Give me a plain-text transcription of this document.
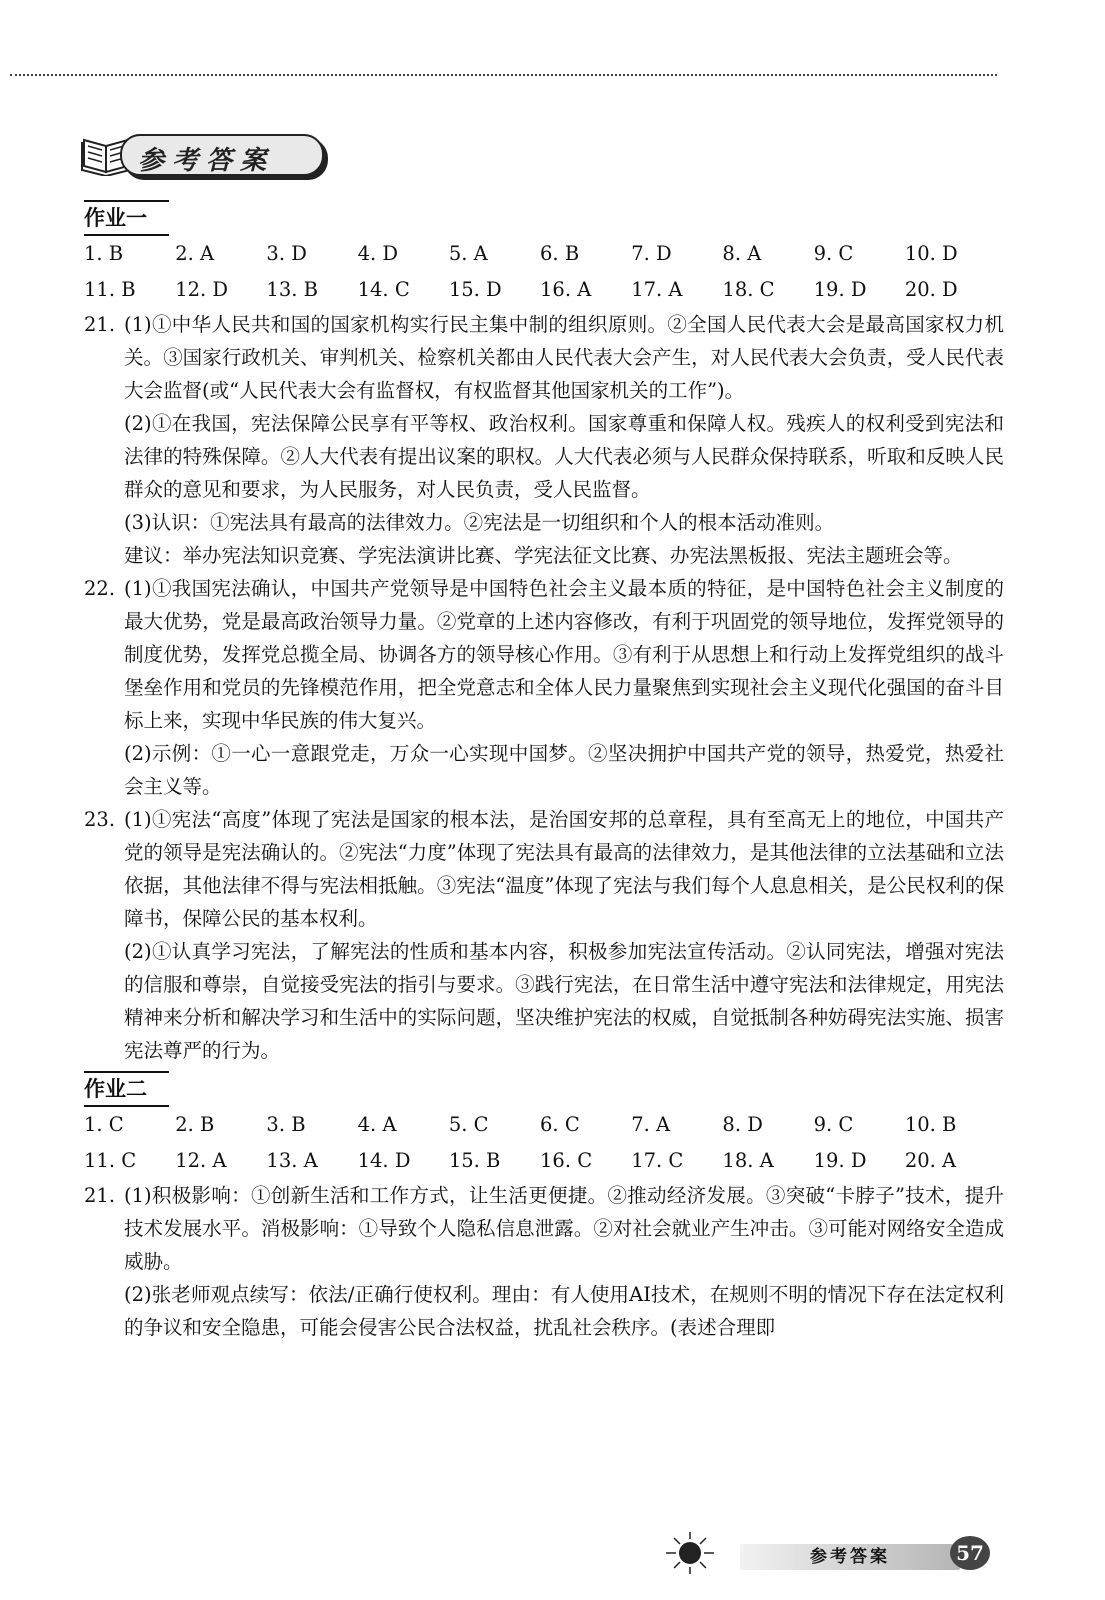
参考答案
作业一
1. B	2. A	3. D	4. D	5. A	6. B	7. D	8. A	9. C	10. D
11. B	12. D	13. B	14. C	15. D	16. A	17. A	18. C	19. D	20. D
21. (1)①中华人民共和国的国家机构实行民主集中制的组织原则。②全国人民代表大会是最高国家权力机关。③国家行政机关、审判机关、检察机关都由人民代表大会产生，对人民代表大会负责，受人民代表大会监督(或“人民代表大会有监督权，有权监督其他国家机关的工作”)。

(2)①在我国，宪法保障公民享有平等权、政治权利。国家尊重和保障人权。残疾人的权利受到宪法和法律的特殊保障。②人大代表有提出议案的职权。人大代表必须与人民群众保持联系，听取和反映人民群众的意见和要求，为人民服务，对人民负责，受人民监督。

(3)认识：①宪法具有最高的法律效力。②宪法是一切组织和个人的根本活动准则。

建议：举办宪法知识竞赛、学宪法演讲比赛、学宪法征文比赛、办宪法黑板报、宪法主题班会等。

22. (1)①我国宪法确认，中国共产党领导是中国特色社会主义最本质的特征，是中国特色社会主义制度的最大优势，党是最高政治领导力量。②党章的上述内容修改，有利于巩固党的领导地位，发挥党领导的制度优势，发挥党总揽全局、协调各方的领导核心作用。③有利于从思想上和行动上发挥党组织的战斗堡垒作用和党员的先锋模范作用，把全党意志和全体人民力量聚焦到实现社会主义现代化强国的奋斗目标上来，实现中华民族的伟大复兴。

(2)示例：①一心一意跟党走，万众一心实现中国梦。②坚决拥护中国共产党的领导，热爱党，热爱社会主义等。

23. (1)①宪法“高度”体现了宪法是国家的根本法，是治国安邦的总章程，具有至高无上的地位，中国共产党的领导是宪法确认的。②宪法“力度”体现了宪法具有最高的法律效力，是其他法律的立法基础和立法依据，其他法律不得与宪法相抵触。③宪法“温度”体现了宪法与我们每个人息息相关，是公民权利的保障书，保障公民的基本权利。

(2)①认真学习宪法，了解宪法的性质和基本内容，积极参加宪法宣传活动。②认同宪法，增强对宪法的信服和尊崇，自觉接受宪法的指引与要求。③践行宪法，在日常生活中遵守宪法和法律规定，用宪法精神来分析和解决学习和生活中的实际问题，坚决维护宪法的权威，自觉抵制各种妨碍宪法实施、损害宪法尊严的行为。

作业二
1. C	2. B	3. B	4. A	5. C	6. C	7. A	8. D	9. C	10. B
11. C	12. A	13. A	14. D	15. B	16. C	17. C	18. A	19. D	20. A
21. (1)积极影响：①创新生活和工作方式，让生活更便捷。②推动经济发展。③突破“卡脖子”技术，提升技术发展水平。消极影响：①导致个人隐私信息泄露。②对社会就业产生冲击。③可能对网络安全造成威胁。

(2)张老师观点续写：依法/正确行使权利。理由：有人使用AI技术，在规则不明的情况下存在法定权利的争议和安全隐患，可能会侵害公民合法权益，扰乱社会秩序。(表述合理即

参考答案	57
